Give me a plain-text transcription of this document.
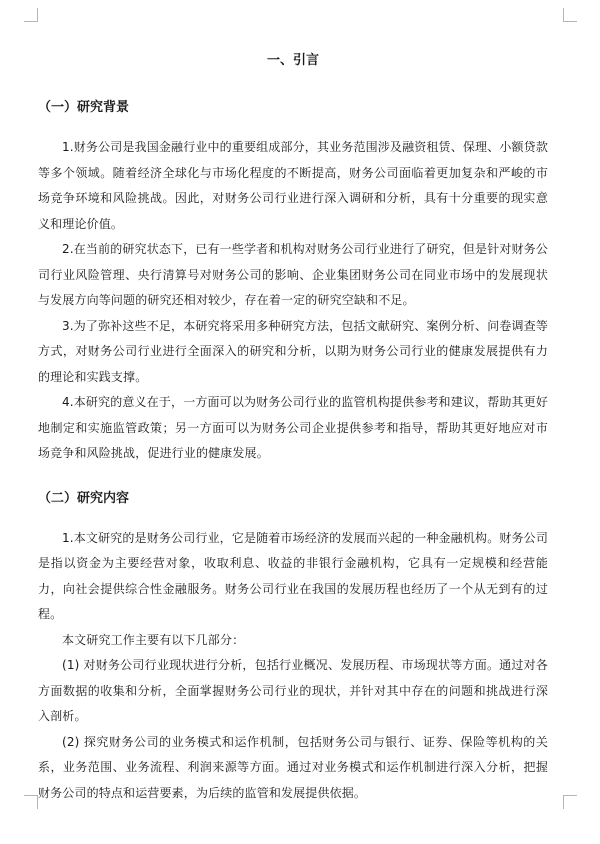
一、引言
（一）研究背景

1.财务公司是我国金融行业中的重要组成部分，其业务范围涉及融资租赁、保理、小额贷款等多个领域。随着经济全球化与市场化程度的不断提高，财务公司面临着更加复杂和严峻的市场竞争环境和风险挑战。因此，对财务公司行业进行深入调研和分析，具有十分重要的现实意义和理论价值。

2.在当前的研究状态下，已有一些学者和机构对财务公司行业进行了研究，但是针对财务公司行业风险管理、央行清算号对财务公司的影响、企业集团财务公司在同业市场中的发展现状与发展方向等问题的研究还相对较少，存在着一定的研究空缺和不足。

3.为了弥补这些不足，本研究将采用多种研究方法，包括文献研究、案例分析、问卷调查等方式，对财务公司行业进行全面深入的研究和分析，以期为财务公司行业的健康发展提供有力的理论和实践支撑。

4.本研究的意义在于，一方面可以为财务公司行业的监管机构提供参考和建议，帮助其更好地制定和实施监管政策；另一方面可以为财务公司企业提供参考和指导，帮助其更好地应对市场竞争和风险挑战，促进行业的健康发展。

（二）研究内容

1.本文研究的是财务公司行业，它是随着市场经济的发展而兴起的一种金融机构。财务公司是指以资金为主要经营对象，收取利息、收益的非银行金融机构，它具有一定规模和经营能力，向社会提供综合性金融服务。财务公司行业在我国的发展历程也经历了一个从无到有的过程。

本文研究工作主要有以下几部分：

(1) 对财务公司行业现状进行分析，包括行业概况、发展历程、市场现状等方面。通过对各方面数据的收集和分析，全面掌握财务公司行业的现状，并针对其中存在的问题和挑战进行深入剖析。

(2) 探究财务公司的业务模式和运作机制，包括财务公司与银行、证券、保险等机构的关系，业务范围、业务流程、利润来源等方面。通过对业务模式和运作机制进行深入分析，把握财务公司的特点和运营要素，为后续的监管和发展提供依据。
